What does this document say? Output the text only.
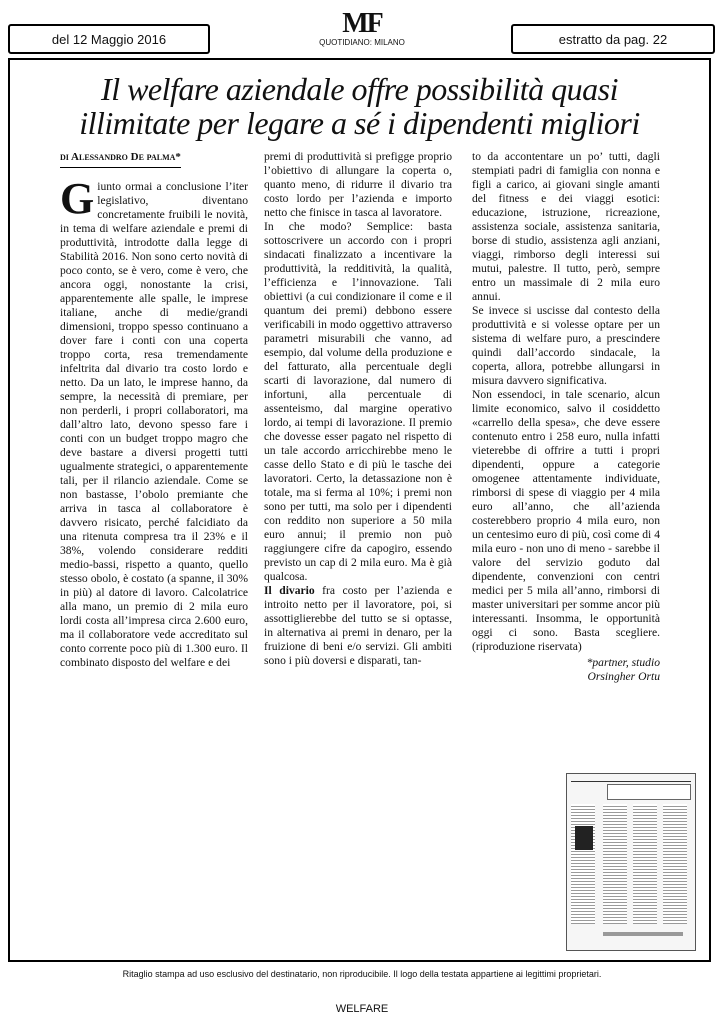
del 12 Maggio 2016	MF
QUOTIDIANO: MILANO	estratto da pag. 22
Il welfare aziendale offre possibilità quasi
illimitate per legare a sé i dipendenti migliori

di Alessandro De palma*

Giunto ormai a conclusione l’iter legislativo, diventano concretamente fruibili le novità, in tema di welfare aziendale e premi di produttività, introdotte dalla legge di Stabilità 2016. Non sono certo novità di poco conto, se è vero, come è vero, che ancora oggi, nonostante la crisi, apparentemente alle spalle, le imprese italiane, anche di medie/grandi dimensioni, troppo spesso continuano a dover fare i conti con una coperta troppo corta, resa tremendamente infeltrita dal divario tra costo lordo e netto. Da un lato, le imprese hanno, da sempre, la necessità di premiare, per non perderli, i propri collaboratori, ma dall’altro lato, devono spesso fare i conti con un budget troppo magro che deve bastare a diversi progetti tutti ugualmente strategici, o apparentemente tali, per il rilancio aziendale. Come se non bastasse, l’obolo premiante che arriva in tasca al collaboratore è davvero risicato, perché falcidiato da una ritenuta compresa tra il 23% e il 38%, volendo considerare redditi medio-bassi, rispetto a quanto, quello stesso obolo, è costato (a spanne, il 30% in più) al datore di lavoro. Calcolatrice alla mano, un premio di 2 mila euro lordi costa all’impresa circa 2.600 euro, ma il collaboratore vede accreditato sul conto corrente poco più di 1.300 euro. Il combinato disposto del welfare e dei

premi di produttività si prefigge proprio l’obiettivo di allungare la coperta o, quanto meno, di ridurre il divario tra costo lordo per l’azienda e importo netto che finisce in tasca al lavoratore.

In che modo? Semplice: basta sottoscrivere un accordo con i propri sindacati finalizzato a incentivare la produttività, la redditività, la qualità, l’efficienza e l’innovazione. Tali obiettivi (a cui condizionare il come e il quantum dei premi) debbono essere verificabili in modo oggettivo attraverso parametri misurabili che vanno, ad esempio, dal volume della produzione e del fatturato, alla percentuale degli scarti di lavorazione, dal numero di infortuni, alla percentuale di assenteismo, dal margine operativo lordo, ai tempi di lavorazione. Il premio che dovesse esser pagato nel rispetto di un tale accordo arricchirebbe meno le casse dello Stato e di più le tasche dei lavoratori. Certo, la detassazione non è totale, ma si ferma al 10%; i premi non sono per tutti, ma solo per i dipendenti con reddito non superiore a 50 mila euro annui; il premio non può raggiungere cifre da capogiro, essendo previsto un cap di 2 mila euro. Ma è già qualcosa.

Il divario fra costo per l’azienda e introito netto per il lavoratore, poi, si assottiglierebbe del tutto se si optasse, in alternativa ai premi in denaro, per la fruizione di beni e/o servizi. Gli ambiti sono i più doversi e disparati, tan-

to da accontentare un po’ tutti, dagli stempiati padri di famiglia con nonna e figli a carico, ai giovani single amanti del fitness e dei viaggi esotici: educazione, istruzione, ricreazione, assistenza sociale, assistenza sanitaria, borse di studio, assistenza agli anziani, viaggi, rimborso degli interessi sui mutui, palestre. Il tutto, però, sempre entro un massimale di 2 mila euro annui.

Se invece si uscisse dal contesto della produttività e si volesse optare per un sistema di welfare puro, a prescindere quindi dall’accordo sindacale, la coperta, allora, potrebbe allungarsi in misura davvero significativa.

Non essendoci, in tale scenario, alcun limite economico, salvo il cosiddetto «carrello della spesa», che deve essere contenuto entro i 258 euro, nulla infatti vieterebbe di offrire a tutti i propri dipendenti, oppure a categorie omogenee attentamente individuate, rimborsi di spese di viaggio per 4 mila euro all’anno, che all’azienda costerebbero proprio 4 mila euro, non un centesimo euro di più, così come di 4 mila euro - non uno di meno - sarebbe il valore del servizio goduto dal dipendente, convenzioni con centri medici per 5 mila all’anno, rimborsi di master universitari per somme ancor più interessanti. Insomma, le opportunità oggi ci sono. Basta scegliere. (riproduzione riservata)

*partner, studio
Orsingher Ortu

Ritaglio stampa ad uso esclusivo del destinatario, non riproducibile. Il logo della testata appartiene ai legittimi proprietari.
WELFARE
